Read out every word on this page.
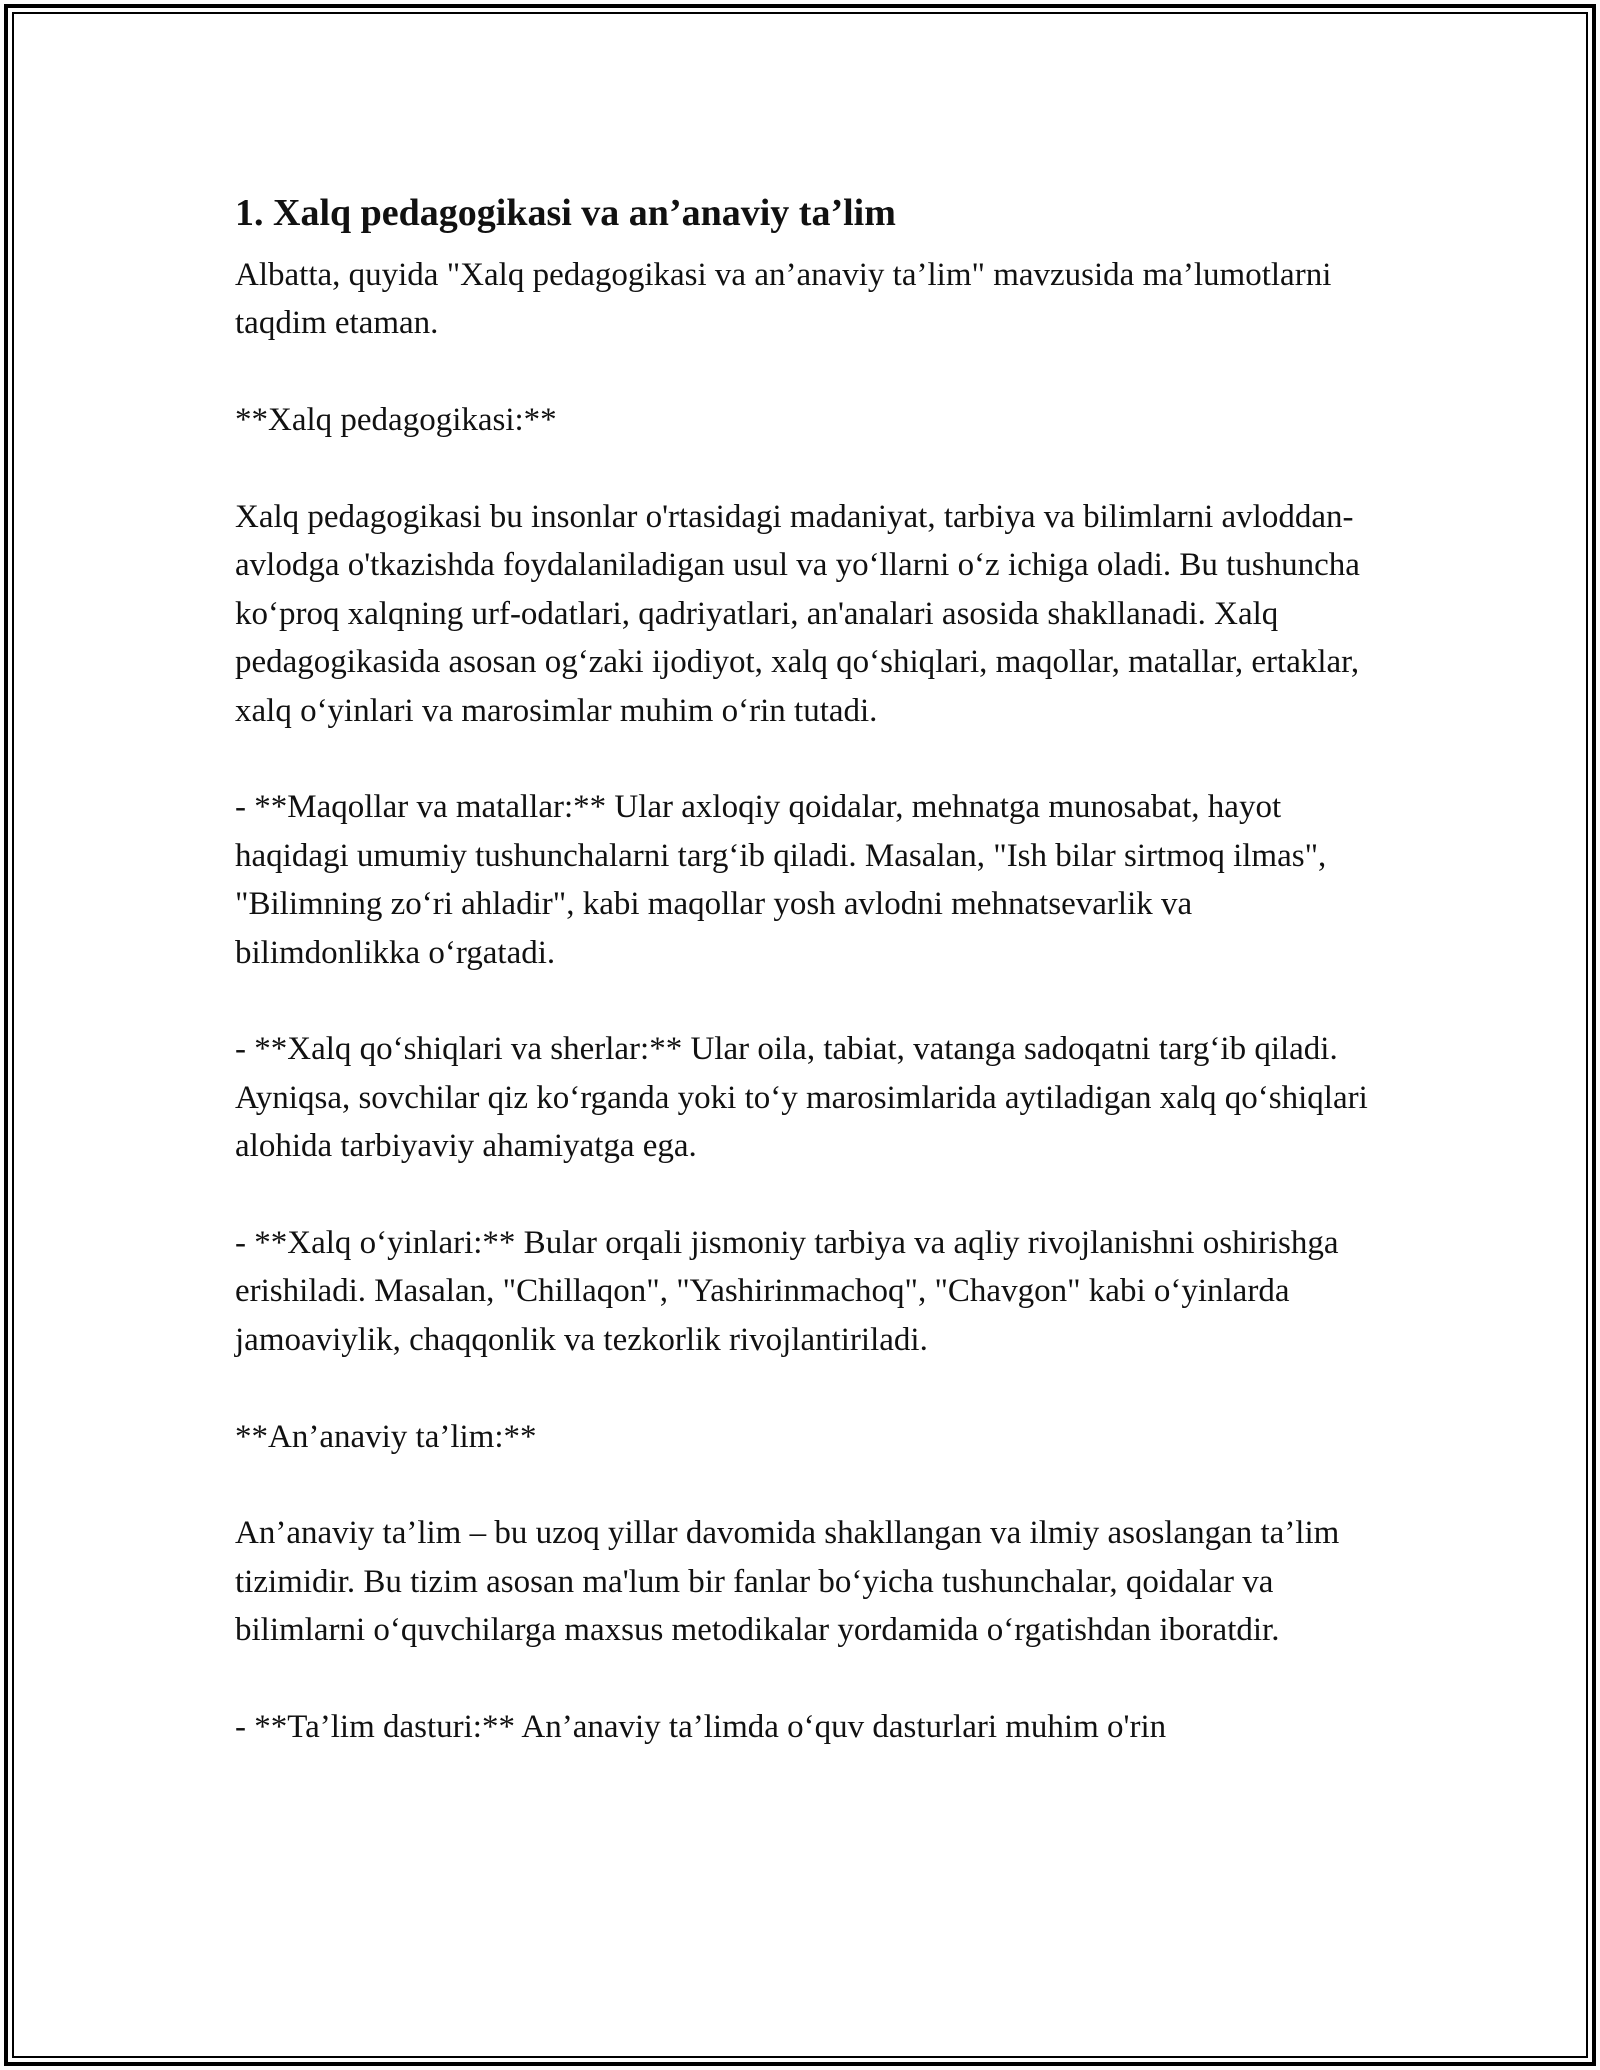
1. Xalq pedagogikasi va an’anaviy ta’lim

Albatta, quyida "Xalq pedagogikasi va an’anaviy ta’lim" mavzusida ma’lumotlarni taqdim etaman.

**Xalq pedagogikasi:**

Xalq pedagogikasi bu insonlar o'rtasidagi madaniyat, tarbiya va bilimlarni avloddan-avlodga o'tkazishda foydalaniladigan usul va yo‘llarni o‘z ichiga oladi. Bu tushuncha ko‘proq xalqning urf-odatlari, qadriyatlari, an'analari asosida shakllanadi. Xalq pedagogikasida asosan og‘zaki ijodiyot, xalq qo‘shiqlari, maqollar, matallar, ertaklar, xalq o‘yinlari va marosimlar muhim o‘rin tutadi.

- **Maqollar va matallar:** Ular axloqiy qoidalar, mehnatga munosabat, hayot haqidagi umumiy tushunchalarni targ‘ib qiladi. Masalan, "Ish bilar sirtmoq ilmas", "Bilimning zo‘ri ahladir", kabi maqollar yosh avlodni mehnatsevarlik va bilimdonlikka o‘rgatadi.

- **Xalq qo‘shiqlari va sherlar:** Ular oila, tabiat, vatanga sadoqatni targ‘ib qiladi. Ayniqsa, sovchilar qiz ko‘rganda yoki to‘y marosimlarida aytiladigan xalq qo‘shiqlari alohida tarbiyaviy ahamiyatga ega.

- **Xalq o‘yinlari:** Bular orqali jismoniy tarbiya va aqliy rivojlanishni oshirishga erishiladi. Masalan, "Chillaqon", "Yashirinmachoq", "Chavgon" kabi o‘yinlarda jamoaviylik, chaqqonlik va tezkorlik rivojlantiriladi.

**An’anaviy ta’lim:**

An’anaviy ta’lim – bu uzoq yillar davomida shakllangan va ilmiy asoslangan ta’lim tizimidir. Bu tizim asosan ma'lum bir fanlar bo‘yicha tushunchalar, qoidalar va bilimlarni o‘quvchilarga maxsus metodikalar yordamida o‘rgatishdan iboratdir.

- **Ta’lim dasturi:** An’anaviy ta’limda o‘quv dasturlari muhim o'rin
